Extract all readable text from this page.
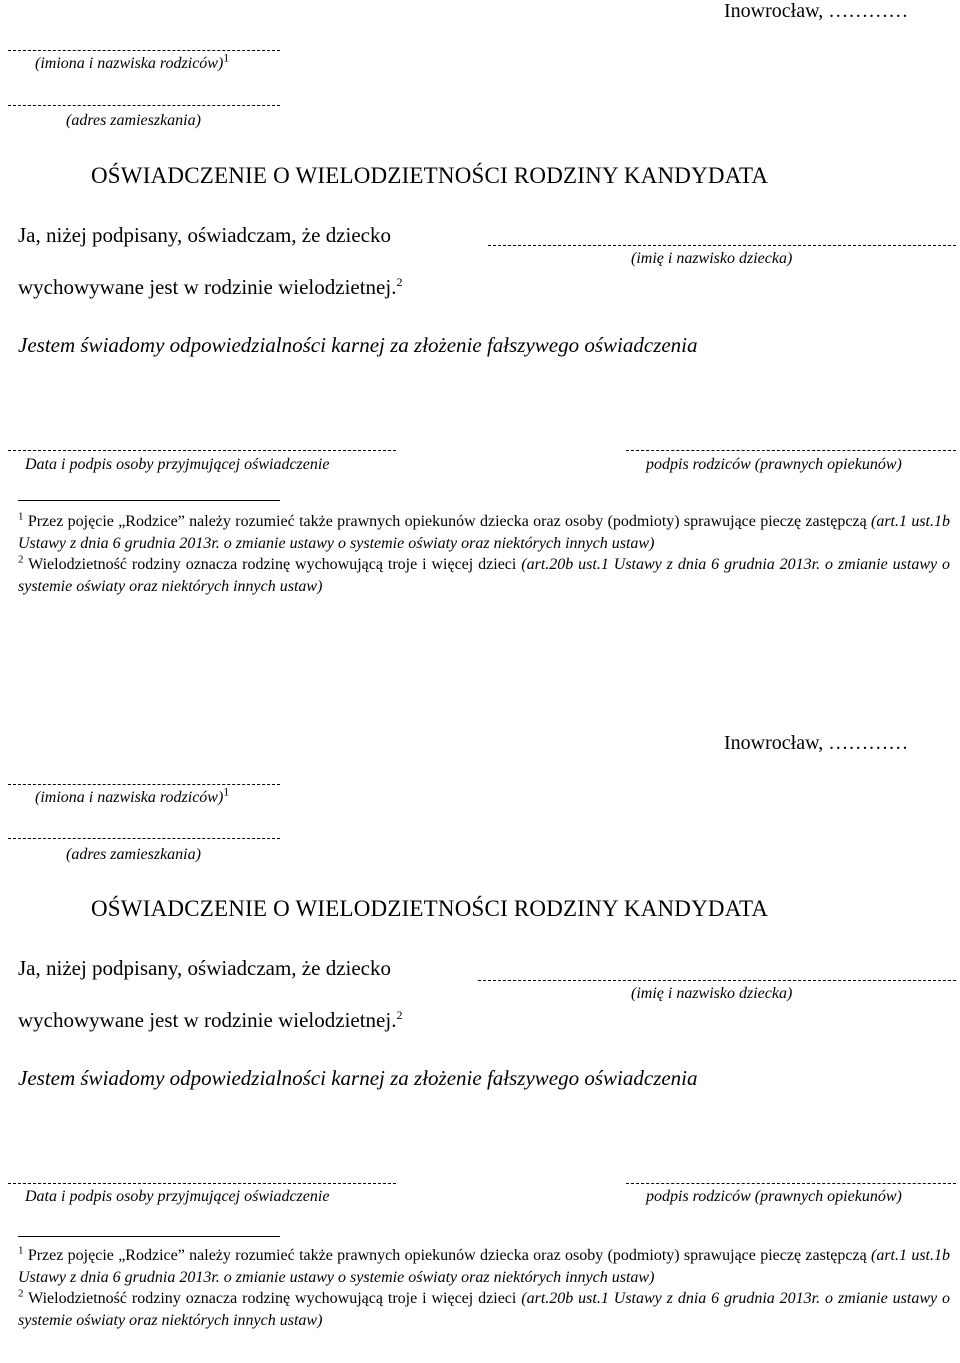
Inowrocław, …………
(imiona i nazwiska rodziców)$^1$
(adres zamieszkania)
OŚWIADCZENIE O WIELODZIETNOŚCI RODZINY KANDYDATA
Ja, niżej podpisany, oświadczam, że dziecko
(imię i nazwisko dziecka)
wychowywane jest w rodzinie wielodzietnej.$^2$
Jestem świadomy odpowiedzialności karnej za złożenie fałszywego oświadczenia
Data i podpis osoby przyjmującej oświadczenie	podpis rodziców (prawnych opiekunów)
$^1$ Przez pojęcie „Rodzice” należy rozumieć także prawnych opiekunów dziecka oraz osoby (podmioty) sprawujące pieczę zastępczą (art.1 ust.1b Ustawy z dnia 6 grudnia 2013r. o zmianie ustawy o systemie oświaty oraz niektórych innych ustaw)
$^2$ Wielodzietność rodziny oznacza rodzinę wychowującą troje i więcej dzieci (art.20b ust.1 Ustawy z dnia 6 grudnia 2013r. o zmianie ustawy o systemie oświaty oraz niektórych innych ustaw)
Inowrocław, …………
(imiona i nazwiska rodziców)$^1$
(adres zamieszkania)
OŚWIADCZENIE O WIELODZIETNOŚCI RODZINY KANDYDATA
Ja, niżej podpisany, oświadczam, że dziecko
(imię i nazwisko dziecka)
wychowywane jest w rodzinie wielodzietnej.$^2$
Jestem świadomy odpowiedzialności karnej za złożenie fałszywego oświadczenia
Data i podpis osoby przyjmującej oświadczenie	podpis rodziców (prawnych opiekunów)
$^1$ Przez pojęcie „Rodzice” należy rozumieć także prawnych opiekunów dziecka oraz osoby (podmioty) sprawujące pieczę zastępczą (art.1 ust.1b Ustawy z dnia 6 grudnia 2013r. o zmianie ustawy o systemie oświaty oraz niektórych innych ustaw)
$^2$ Wielodzietność rodziny oznacza rodzinę wychowującą troje i więcej dzieci (art.20b ust.1 Ustawy z dnia 6 grudnia 2013r. o zmianie ustawy o systemie oświaty oraz niektórych innych ustaw)
